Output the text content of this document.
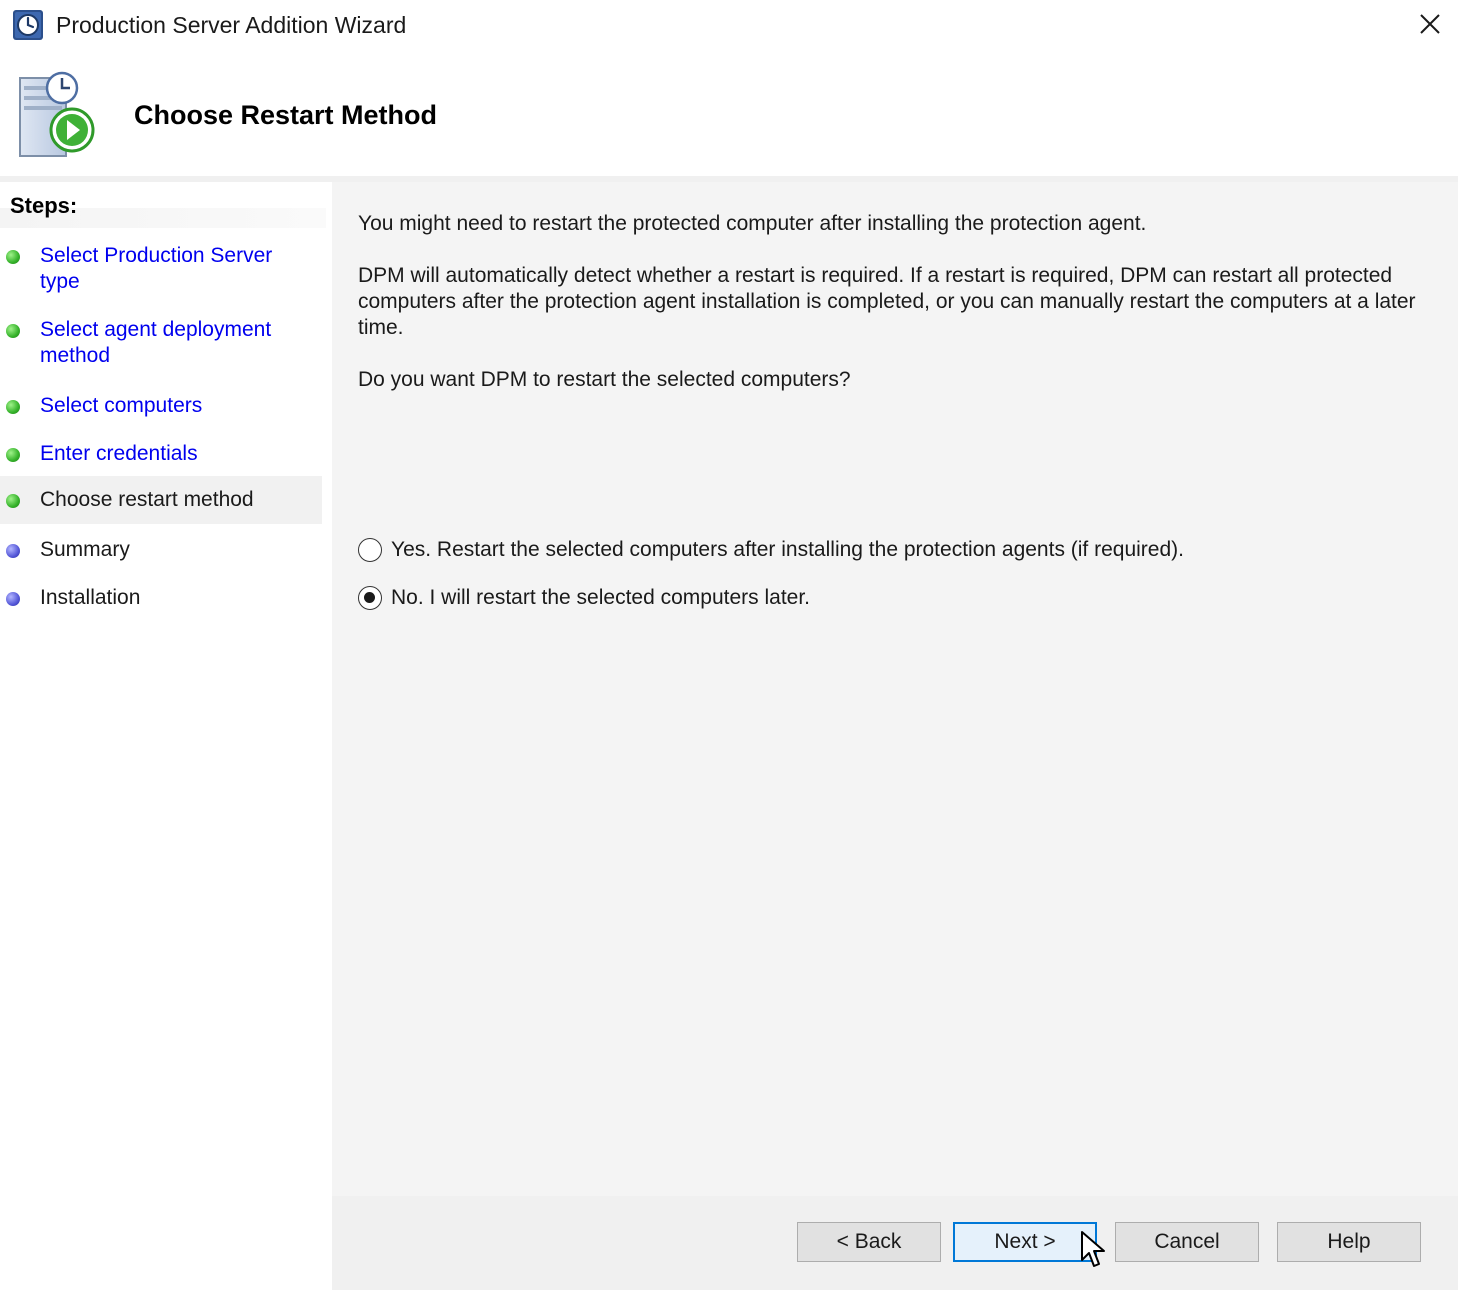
Production Server Addition Wizard
Choose Restart Method
Steps:
Select Production Server type
Select agent deployment method
Select computers
Enter credentials
Choose restart method
Summary
Installation
You might need to restart the protected computer after installing the protection agent.
DPM will automatically detect whether a restart is required. If a restart is required, DPM can restart all protected computers after the protection agent installation is completed, or you can manually restart the computers at a later time.
Do you want DPM to restart the selected computers?
Yes. Restart the selected computers after installing the protection agents (if required).
No. I will restart the selected computers later.
< Back	Next >	Cancel	Help
